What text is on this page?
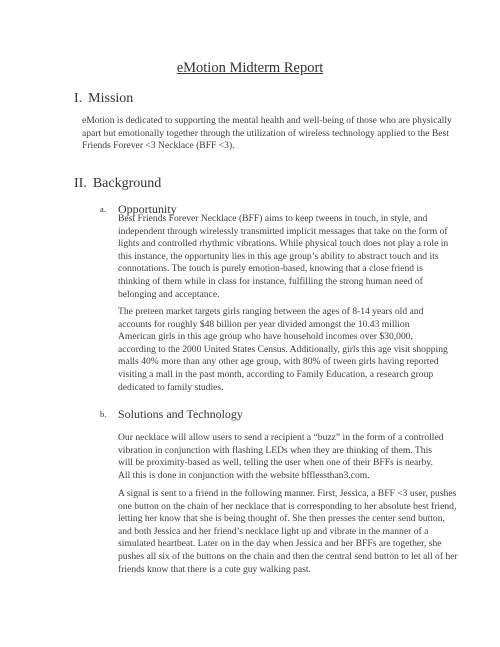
eMotion Midterm Report
I. Mission
eMotion is dedicated to supporting the mental health and well-being of those who are physically apart but emotionally together through the utilization of wireless technology applied to the Best Friends Forever <3 Necklace (BFF <3).
II. Background
a. Opportunity
Best Friends Forever Necklace (BFF) aims to keep tweens in touch, in style, and independent through wirelessly transmitted implicit messages that take on the form of lights and controlled rhythmic vibrations. While physical touch does not play a role in this instance, the opportunity lies in this age group’s ability to abstract touch and its connotations. The touch is purely emotion-based, knowing that a close friend is thinking of them while in class for instance, fulfilling the strong human need of belonging and acceptance.
The preteen market targets girls ranging between the ages of 8-14 years old and accounts for roughly $48 billion per year divided amongst the 10.43 million American girls in this age group who have household incomes over $30,000, according to the 2000 United States Census. Additionally, girls this age visit shopping malls 40% more than any other age group, with 80% of tween girls having reported visiting a mall in the past month, according to Family Education, a research group dedicated to family studies.
b. Solutions and Technology
Our necklace will allow users to send a recipient a “buzz” in the form of a controlled vibration in conjunction with flashing LEDs when they are thinking of them. This will be proximity-based as well, telling the user when one of their BFFs is nearby. All this is done in conjunction with the website bfflessthan3.com.
A signal is sent to a friend in the following manner. First, Jessica, a BFF <3 user, pushes one button on the chain of her necklace that is corresponding to her absolute best friend, letting her know that she is being thought of. She then presses the center send button, and both Jessica and her friend’s necklace light up and vibrate in the manner of a simulated heartbeat. Later on in the day when Jessica and her BFFs are together, she pushes all six of the buttons on the chain and then the central send button to let all of her friends know that there is a cute guy walking past.
